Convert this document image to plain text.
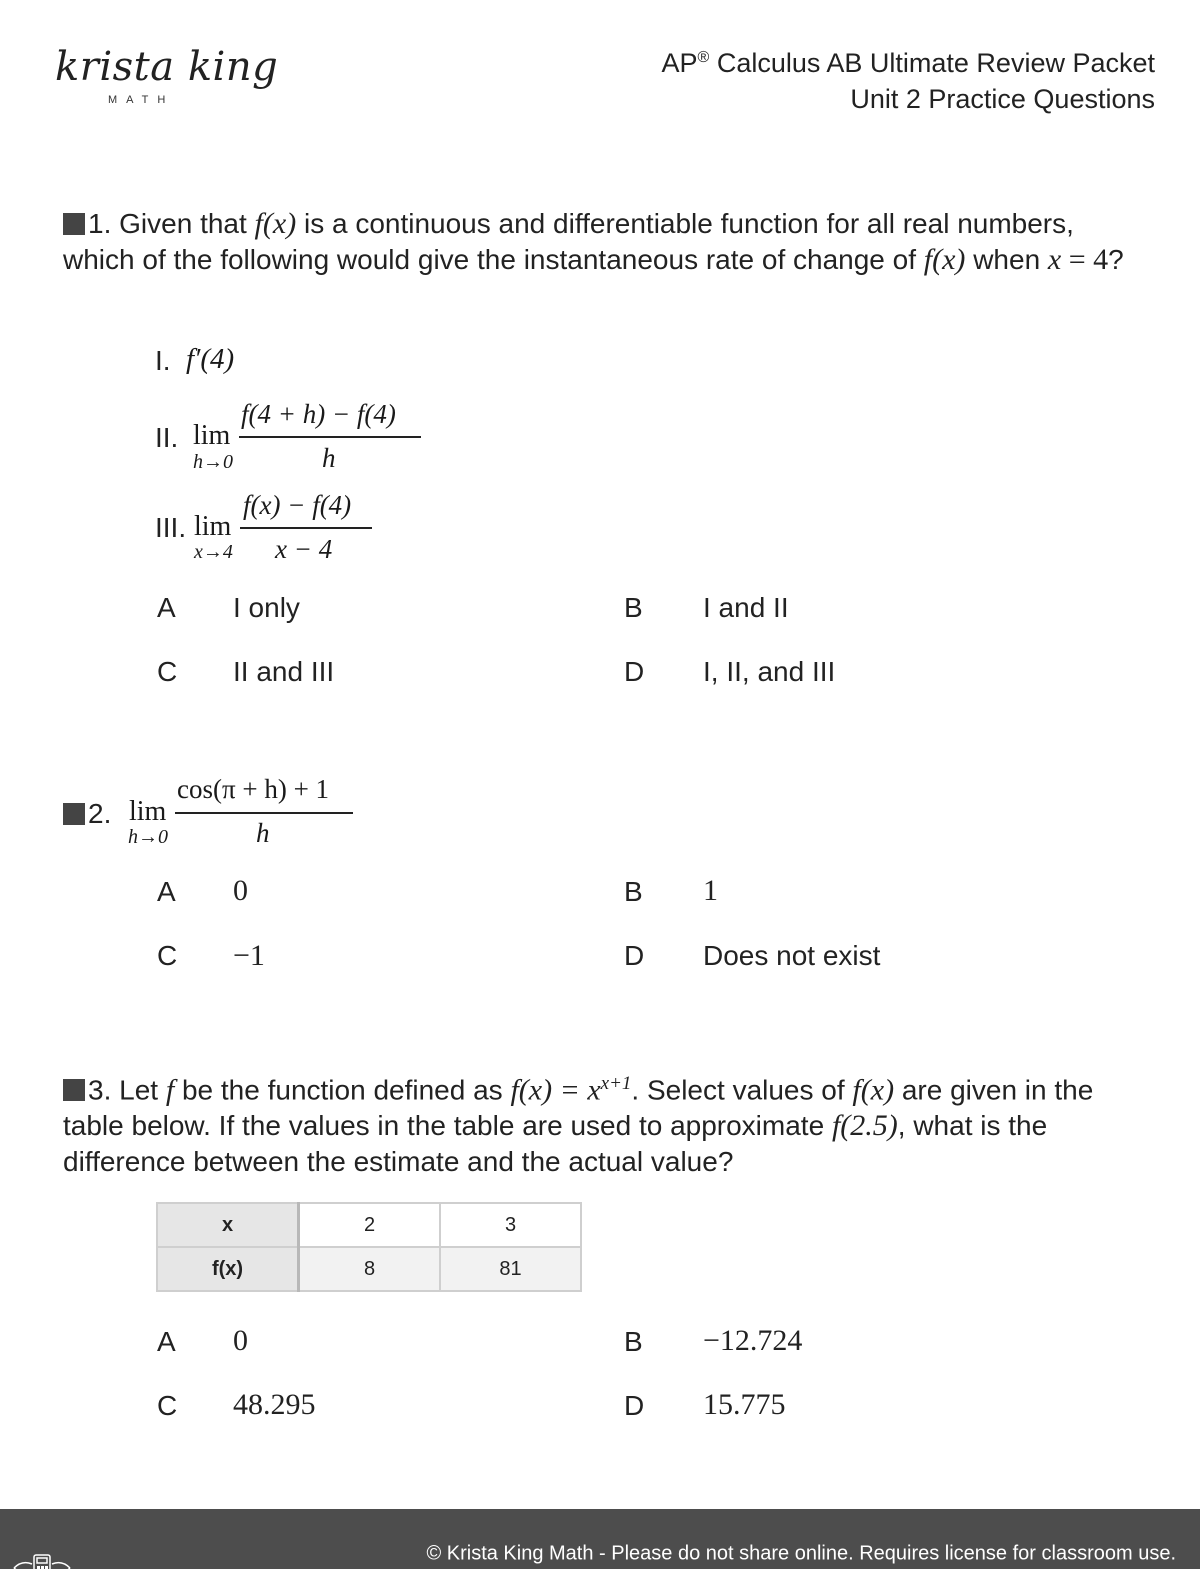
krista king
MATH
AP® Calculus AB Ultimate Review Packet
Unit 2 Practice Questions
1. Given that f(x) is a continuous and differentiable function for all real numbers, which of the following would give the instantaneous rate of change of f(x) when x = 4?
I. f′(4)
II. lim
h→0
f(4 + h) − f(4)
h
III. lim
x→4
f(x) − f(4)
x − 4
A I only	B I and II
C II and III	D I, II, and III
2. lim
h→0
cos(π + h) + 1
h
A 0	B 1
C −1	D Does not exist
3. Let f be the function defined as $f(x) = x^{x+1}$. Select values of f(x) are given in the table below. If the values in the table are used to approximate f(2.5), what is the difference between the estimate and the actual value?
x	2	3
f(x)	8	81
A 0	B −12.724
C 48.295	D 15.775
© Krista King Math - Please do not share online. Requires license for classroom use.
